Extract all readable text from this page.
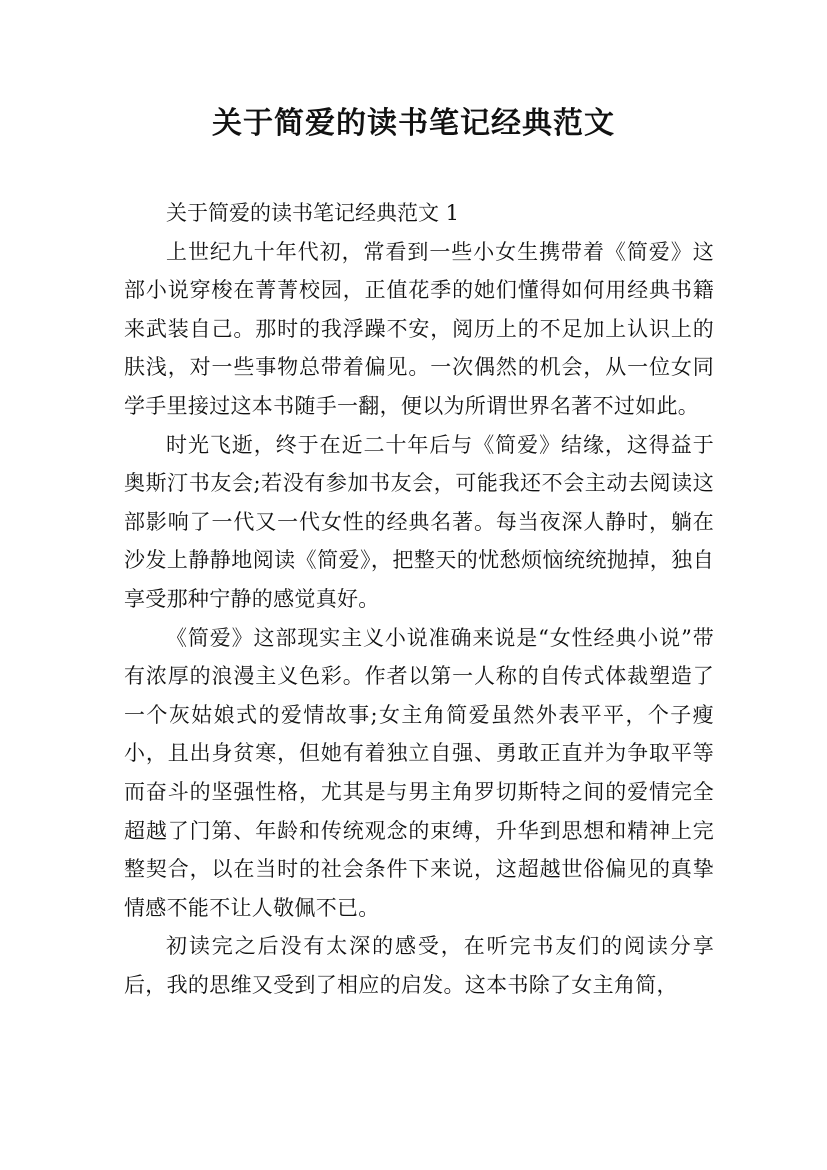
关于简爱的读书笔记经典范文

关于简爱的读书笔记经典范文 1

上世纪九十年代初，常看到一些小女生携带着《简爱》这部小说穿梭在菁菁校园，正值花季的她们懂得如何用经典书籍来武装自己。那时的我浮躁不安，阅历上的不足加上认识上的肤浅，对一些事物总带着偏见。一次偶然的机会，从一位女同学手里接过这本书随手一翻，便以为所谓世界名著不过如此。

时光飞逝，终于在近二十年后与《简爱》结缘，这得益于奥斯汀书友会;若没有参加书友会，可能我还不会主动去阅读这部影响了一代又一代女性的经典名著。每当夜深人静时，躺在沙发上静静地阅读《简爱》，把整天的忧愁烦恼统统抛掉，独自享受那种宁静的感觉真好。

《简爱》这部现实主义小说准确来说是“女性经典小说”带有浓厚的浪漫主义色彩。作者以第一人称的自传式体裁塑造了一个灰姑娘式的爱情故事;女主角简爱虽然外表平平，个子瘦小，且出身贫寒，但她有着独立自强、勇敢正直并为争取平等而奋斗的坚强性格，尤其是与男主角罗切斯特之间的爱情完全超越了门第、年龄和传统观念的束缚，升华到思想和精神上完整契合，以在当时的社会条件下来说，这超越世俗偏见的真挚情感不能不让人敬佩不已。

初读完之后没有太深的感受，在听完书友们的阅读分享后，我的思维又受到了相应的启发。这本书除了女主角简，
